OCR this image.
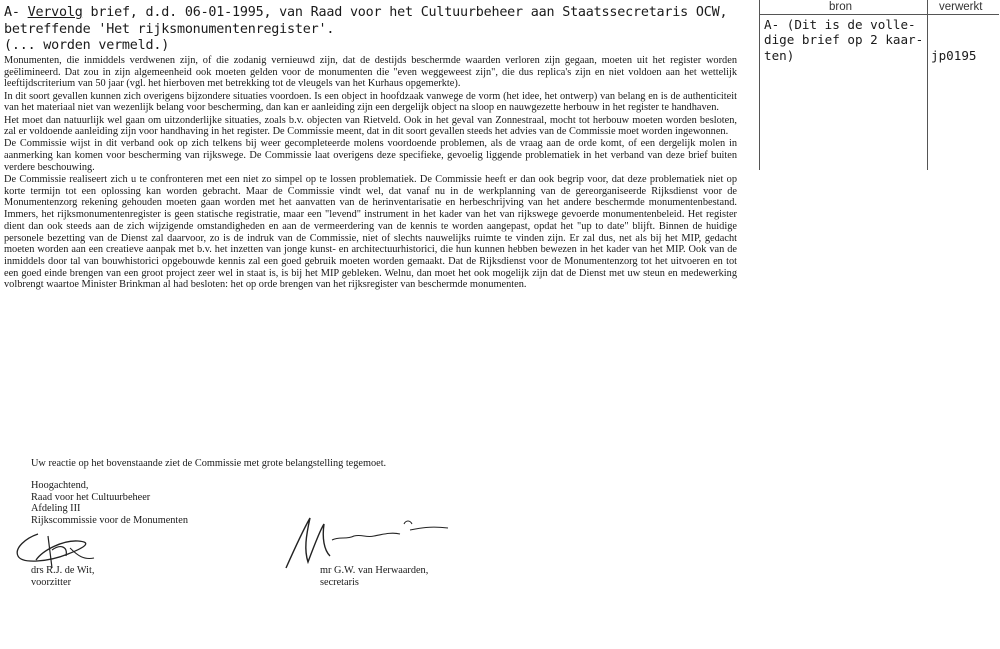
A- Vervolg brief, d.d. 06-01-1995, van Raad voor het Cultuurbeheer aan Staatssecretaris OCW,
betreffende 'Het rijksmonumentenregister'.
(... worden vermeld.)

Monumenten, die inmiddels verdwenen zijn, of die zodanig vernieuwd zijn, dat de destijds beschermde waarden verloren zijn gegaan, moeten uit het register worden geëlimineerd. Dat zou in zijn algemeenheid ook moeten gelden voor de monumenten die "even weggeweest zijn", die dus replica's zijn en niet voldoen aan het wettelijk leeftijdscriterium van 50 jaar (vgl. het hierboven met betrekking tot de vleugels van het Kurhaus opgemerkte).

In dit soort gevallen kunnen zich overigens bijzondere situaties voordoen. Is een object in hoofdzaak vanwege de vorm (het idee, het ontwerp) van belang en is de authenticiteit van het materiaal niet van wezenlijk belang voor bescherming, dan kan er aanleiding zijn een dergelijk object na sloop en nauwgezette herbouw in het register te handhaven.

Het moet dan natuurlijk wel gaan om uitzonderlijke situaties, zoals b.v. objecten van Rietveld. Ook in het geval van Zonnestraal, mocht tot herbouw moeten worden besloten, zal er voldoende aanleiding zijn voor handhaving in het register. De Commissie meent, dat in dit soort gevallen steeds het advies van de Commissie moet worden ingewonnen.

De Commissie wijst in dit verband ook op zich telkens bij weer gecompleteerde molens voordoende problemen, als de vraag aan de orde komt, of een dergelijk molen in aanmerking kan komen voor bescherming van rijkswege. De Commissie laat overigens deze specifieke, gevoelig liggende problematiek in het verband van deze brief buiten verdere beschouwing.

De Commissie realiseert zich u te confronteren met een niet zo simpel op te lossen problematiek. De Commissie heeft er dan ook begrip voor, dat deze problematiek niet op korte termijn tot een oplossing kan worden gebracht. Maar de Commissie vindt wel, dat vanaf nu in de werkplanning van de gereorganiseerde Rijksdienst voor de Monumentenzorg rekening gehouden moeten gaan worden met het aanvatten van de herinventarisatie en herbeschrijving van het andere beschermde monumentenbestand. Immers, het rijksmonumentenregister is geen statische registratie, maar een "levend" instrument in het kader van het van rijkswege gevoerde monumentenbeleid. Het register dient dan ook steeds aan de zich wijzigende omstandigheden en aan de vermeerdering van de kennis te worden aangepast, opdat het "up to date" blijft. Binnen de huidige personele bezetting van de Dienst zal daarvoor, zo is de indruk van de Commissie, niet of slechts nauwelijks ruimte te vinden zijn. Er zal dus, net als bij het MIP, gedacht moeten worden aan een creatieve aanpak met b.v. het inzetten van jonge kunst- en architectuurhistorici, die hun kunnen hebben bewezen in het kader van het MIP. Ook van de inmiddels door tal van bouwhistorici opgebouwde kennis zal een goed gebruik moeten worden gemaakt. Dat de Rijksdienst voor de Monumentenzorg tot het uitvoeren en tot een goed einde brengen van een groot project zeer wel in staat is, is bij het MIP gebleken. Welnu, dan moet het ook mogelijk zijn dat de Dienst met uw steun en medewerking volbrengt waartoe Minister Brinkman al had besloten: het op orde brengen van het rijksregister van beschermde monumenten.

Uw reactie op het bovenstaande ziet de Commissie met grote belangstelling tegemoet.
Hoogachtend,
Raad voor het Cultuurbeheer
Afdeling III
Rijkscommissie voor de Monumenten
drs R.J. de Wit,
voorzitter
mr G.W. van Herwaarden,
secretaris
bron	verwerkt
A- (Dit is de volle-
dige brief op 2 kaar-
ten)	jp0195
